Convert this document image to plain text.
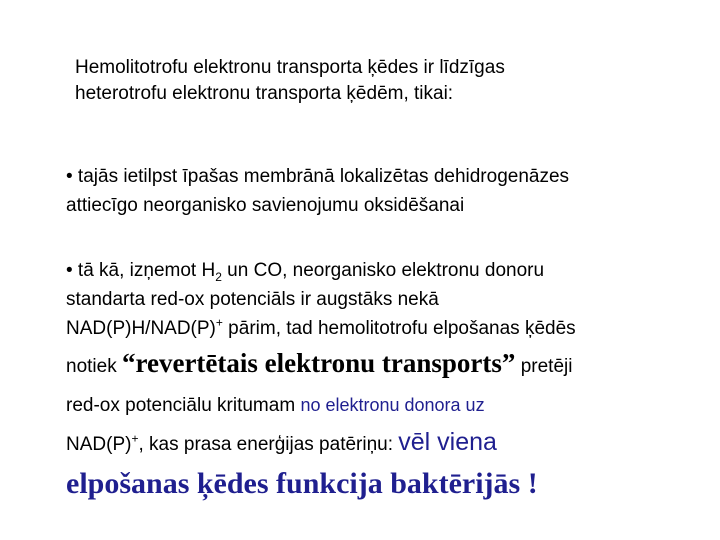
Hemolitotrofu elektronu transporta ķēdes ir līdzīgas
heterotrofu elektronu transporta ķēdēm, tikai:
• tajās ietilpst īpašas membrānā lokalizētas dehidrogenāzes
attiecīgo neorganisko savienojumu oksidēšanai
• tā kā, izņemot $H_2$ un CO, neorganisko elektronu donoru
standarta red-ox potenciāls ir augstāks nekā
NAD(P)H/NAD(P)+ pārim, tad hemolitotrofu elpošanas ķēdēs
notiek “revertētais elektronu transports” pretēji
red-ox potenciālu kritumam no elektronu donora uz
NAD(P)+, kas prasa enerģijas patēriņu: vēl viena
elpošanas ķēdes funkcija baktērijās !
